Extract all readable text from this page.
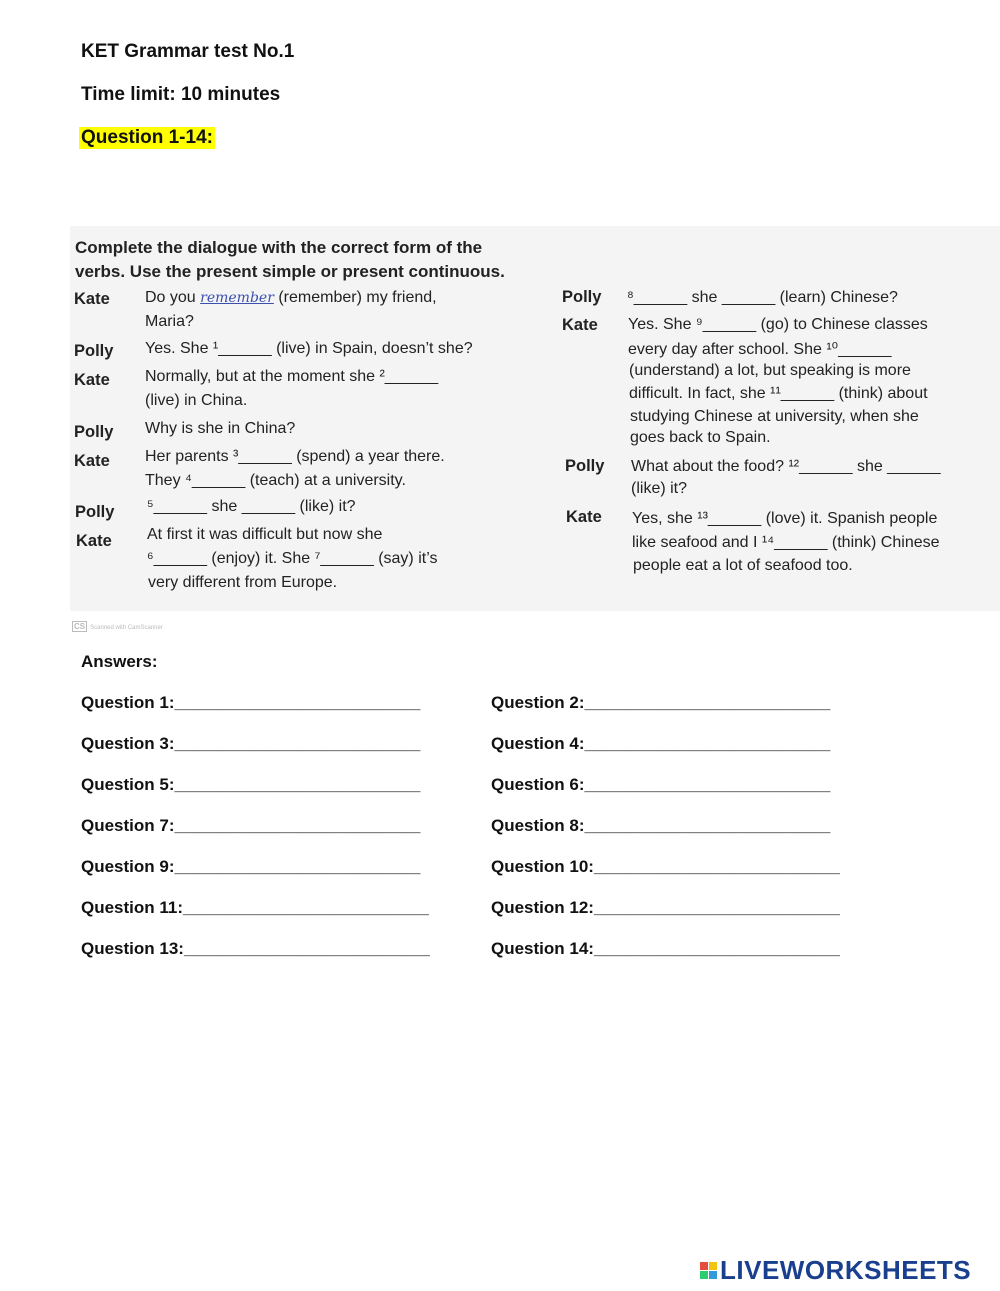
KET Grammar test No.1
Time limit: 10 minutes
Question 1-14:
Complete the dialogue with the correct form of the
verbs. Use the present simple or present continuous.
Kate Do you remember (remember) my friend,
Maria?
Polly Yes. She ¹______ (live) in Spain, doesn’t she?
Kate Normally, but at the moment she ²______
(live) in China.
Polly Why is she in China?
Kate Her parents ³______ (spend) a year there.
They ⁴______ (teach) at a university.
Polly ⁵______ she ______ (like) it?
Kate At first it was difficult but now she
⁶______ (enjoy) it. She ⁷______ (say) it’s
very different from Europe.
Polly ⁸______ she ______ (learn) Chinese?
Kate Yes. She ⁹______ (go) to Chinese classes
every day after school. She ¹⁰______
(understand) a lot, but speaking is more
difficult. In fact, she ¹¹______ (think) about
studying Chinese at university, when she
goes back to Spain.
Polly What about the food? ¹²______ she ______
(like) it?
Kate Yes, she ¹³______ (love) it. Spanish people
like seafood and I ¹⁴______ (think) Chinese
people eat a lot of seafood too.
CS Scanned with CamScanner
Answers:
Question 1:__________________________	Question 2:__________________________
Question 3:__________________________	Question 4:__________________________
Question 5:__________________________	Question 6:__________________________
Question 7:__________________________	Question 8:__________________________
Question 9:__________________________	Question 10:__________________________
Question 11:__________________________	Question 12:__________________________
Question 13:__________________________	Question 14:__________________________
LIVEWORKSHEETS
